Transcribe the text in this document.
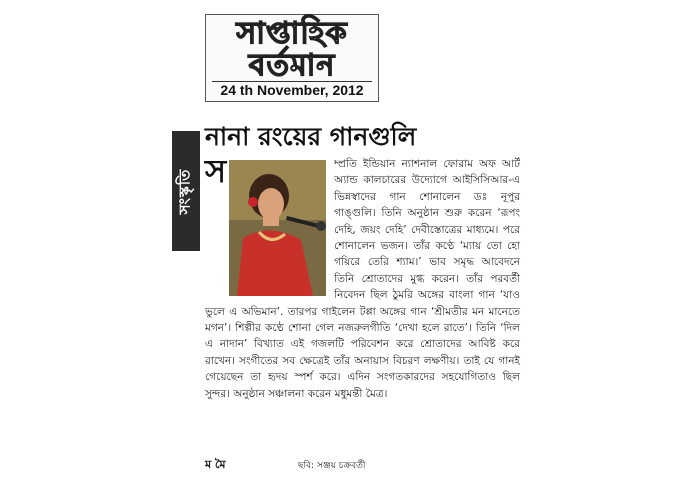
সাপ্তাহিক
বর্তমান
24 th November, 2012
সংস্কৃতি
নানা রংয়ের গানগুলি
স	ম্প্রতি ইন্ডিয়ান ন্যাশনাল ফোরাম অফ আর্ট অ্যান্ড কালচারের উদ্যোগে আইসিসিআর-এ ভিন্নস্বাদের গান শোনালেন ডঃ নূপুর গাঙ্গুলি। তিনি অনুষ্ঠান শুরু করেন ‘রূপং দেহি, জয়ং দেহি’ দেবীস্তোত্রের মাধ্যমে। পরে শোনালেন ভজন। তাঁর কণ্ঠে ‘ম্যায় তো হো গয়িরে তেরি শ্যাম।’ ভাব সমৃদ্ধ আবেদনে তিনি শ্রোতাদের মুগ্ধ করেন। তাঁর পরবর্তী নিবেদন ছিল ঠুমরি অঙ্গের বাংলা গান ‘যাও ভুলে এ অভিমান’. তারপর গাইলেন টপ্পা অঙ্গের গান ‘শ্রীমতীর মন মানেতে মগন’। শিল্পীর কণ্ঠে শোনা গেল নজরুলগীতি ‘দেখা হলে রাতে’। তিনি ‘দিল এ নাদান’ বিখ্যাত এই গজলটি পরিবেশন করে শ্রোতাদের আবিষ্ট করে রাখেন। সংগীতের সব ক্ষেত্রেই তাঁর অনায়াস বিচরণ লক্ষণীয়। তাই যে গানই গেয়েছেন তা হৃদয় স্পর্শ করে। এদিন সংগতকারদের সহযোগিতাও ছিল সুন্দর। অনুষ্ঠান সঞ্চালনা করেন মধুমন্তী মৈত্র।

ম মৈ	ছবি: সঞ্জয় চক্রবর্তী
